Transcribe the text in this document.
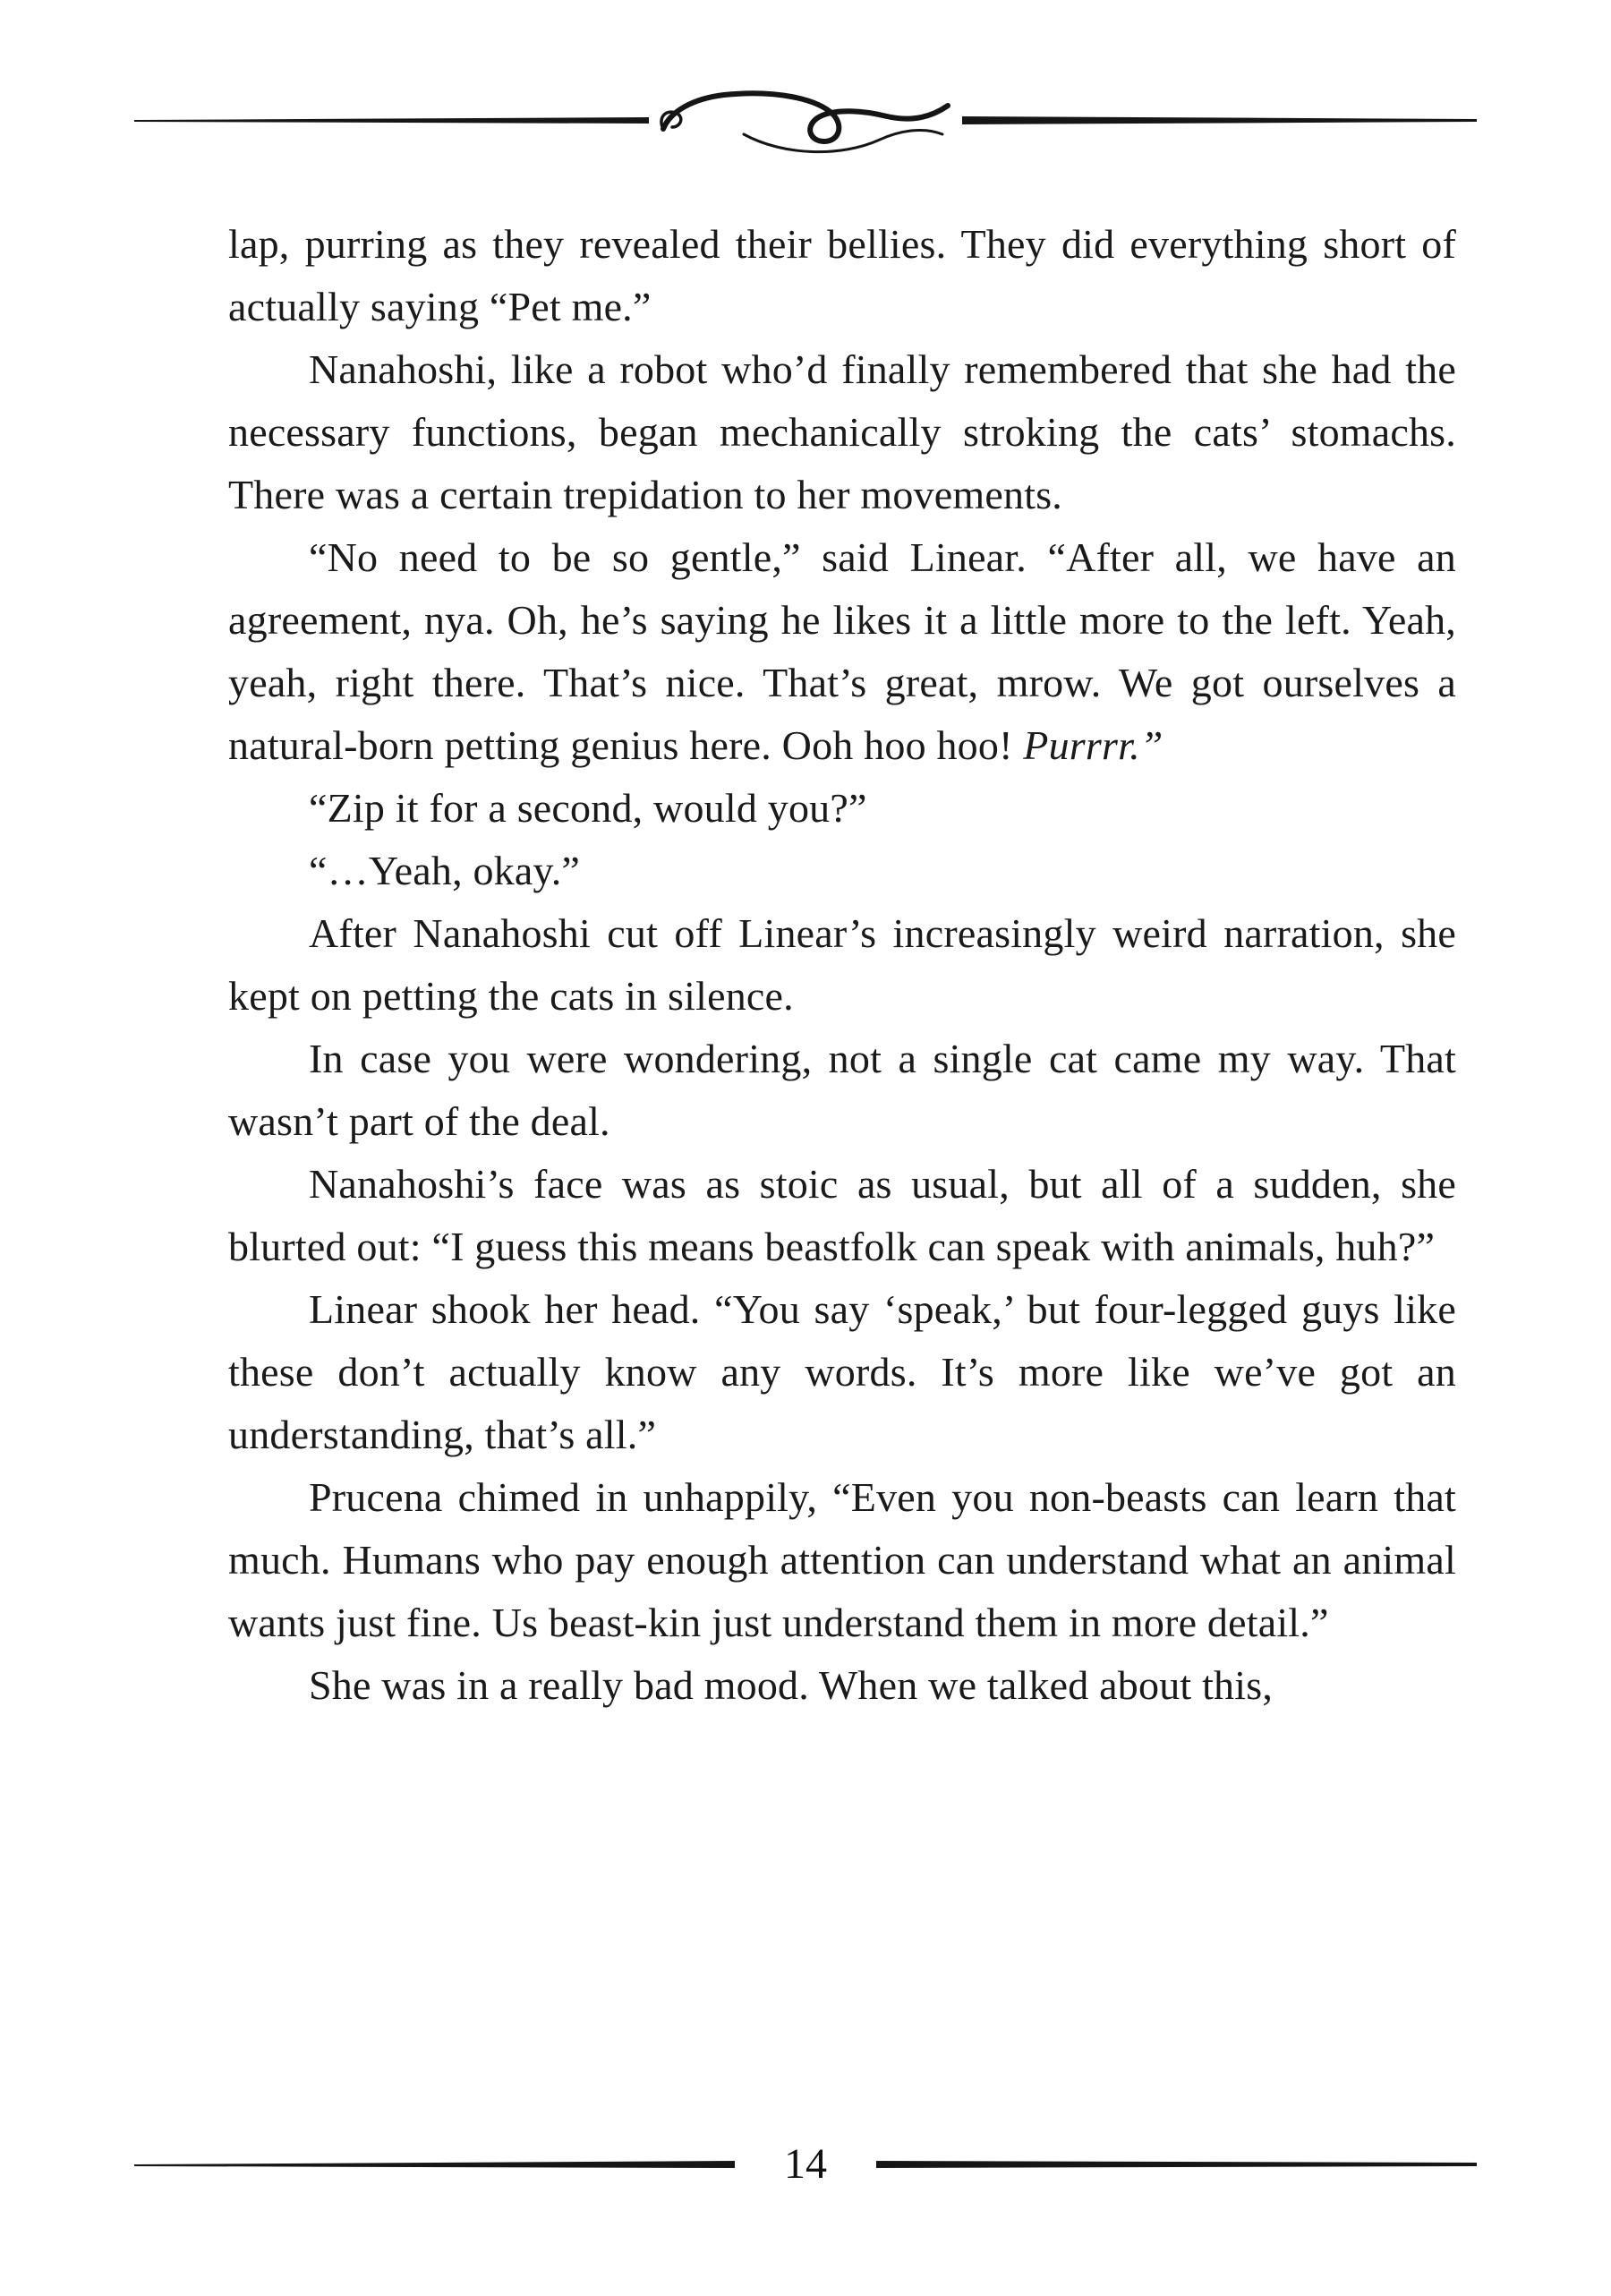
lap, purring as they revealed their bellies. They did everything short of actually saying “Pet me.”

Nanahoshi, like a robot who’d finally remembered that she had the necessary functions, began mechanically stroking the cats’ stomachs. There was a certain trepidation to her movements.

“No need to be so gentle,” said Linear. “After all, we have an agreement, nya. Oh, he’s saying he likes it a little more to the left. Yeah, yeah, right there. That’s nice. That’s great, mrow. We got ourselves a natural-born petting genius here. Ooh hoo hoo! Purrrr.”

“Zip it for a second, would you?”

“…Yeah, okay.”

After Nanahoshi cut off Linear’s increasingly weird narration, she kept on petting the cats in silence.

In case you were wondering, not a single cat came my way. That wasn’t part of the deal.

Nanahoshi’s face was as stoic as usual, but all of a sudden, she blurted out: “I guess this means beastfolk can speak with animals, huh?”

Linear shook her head. “You say ‘speak,’ but four-legged guys like these don’t actually know any words. It’s more like we’ve got an understanding, that’s all.”

Prucena chimed in unhappily, “Even you non-beasts can learn that much. Humans who pay enough attention can understand what an animal wants just fine. Us beast-kin just understand them in more detail.”

She was in a really bad mood. When we talked about this,

14
